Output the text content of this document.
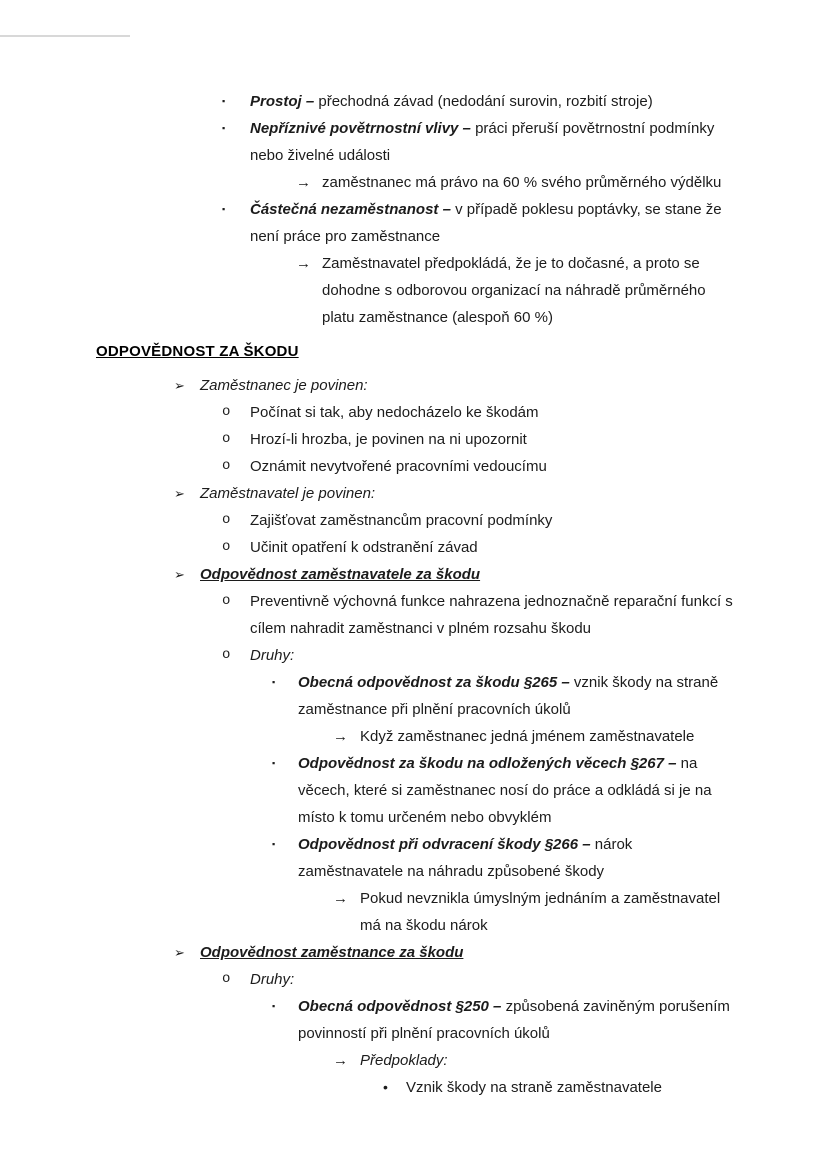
▪ Prostoj – přechodná závad (nedodání surovin, rozbití stroje)
▪ Nepříznivé povětrnostní vlivy – práci přeruší povětrnostní podmínky nebo živelné události
→ zaměstnanec má právo na 60 % svého průměrného výdělku
▪ Částečná nezaměstnanost – v případě poklesu poptávky, se stane že není práce pro zaměstnance
→ Zaměstnavatel předpokládá, že je to dočasné, a proto se dohodne s odborovou organizací na náhradě průměrného platu zaměstnance (alespoň 60 %)
ODPOVĚDNOST ZA ŠKODU
➢ Zaměstnanec je povinen:
o Počínat si tak, aby nedocházelo ke škodám
o Hrozí-li hrozba, je povinen na ni upozornit
o Oznámit nevytvořené pracovními vedoucímu
➢ Zaměstnavatel je povinen:
o Zajišťovat zaměstnancům pracovní podmínky
o Učinit opatření k odstranění závad
➢ Odpovědnost zaměstnavatele za škodu
o Preventivně výchovná funkce nahrazena jednoznačně reparační funkcí s cílem nahradit zaměstnanci v plném rozsahu škodu
o Druhy:
▪ Obecná odpovědnost za škodu §265 – vznik škody na straně zaměstnance při plnění pracovních úkolů
→ Když zaměstnanec jedná jménem zaměstnavatele
▪ Odpovědnost za škodu na odložených věcech §267 – na věcech, které si zaměstnanec nosí do práce a odkládá si je na místo k tomu určeném nebo obvyklém
▪ Odpovědnost při odvracení škody §266 – nárok zaměstnavatele na náhradu způsobené škody
→ Pokud nevznikla úmyslným jednáním a zaměstnavatel má na škodu nárok
➢ Odpovědnost zaměstnance za škodu
o Druhy:
▪ Obecná odpovědnost §250 – způsobená zaviněným porušením povinností při plnění pracovních úkolů
→ Předpoklady:
• Vznik škody na straně zaměstnavatele
